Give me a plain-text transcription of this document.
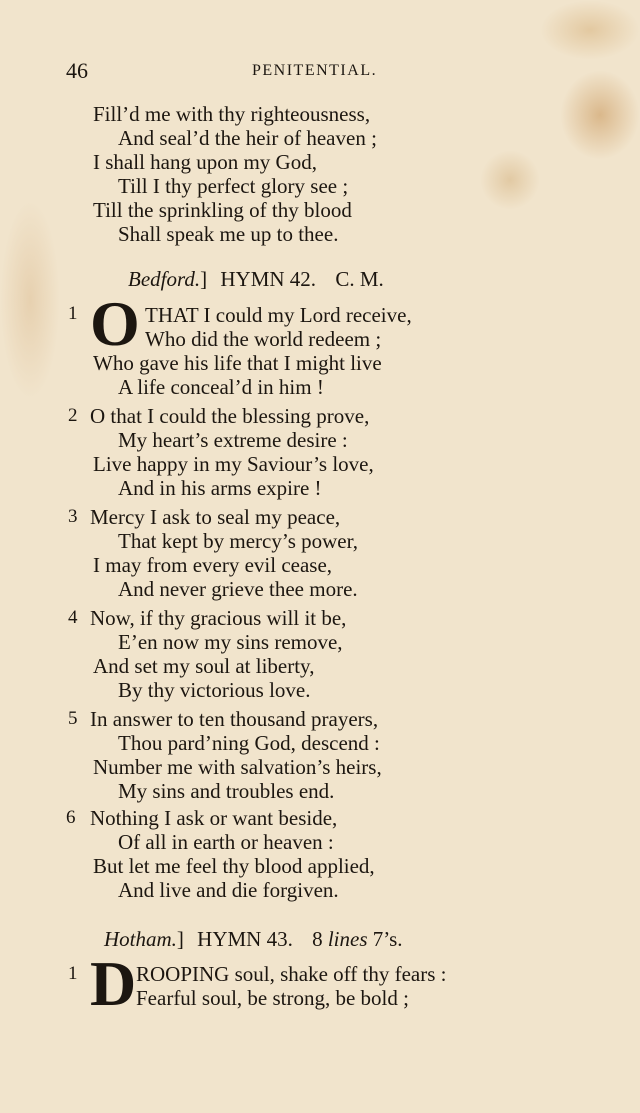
46	PENITENTIAL.
Fill’d me with thy righteousness,
And seal’d the heir of heaven ;
I shall hang upon my God,
Till I thy perfect glory see ;
Till the sprinkling of thy blood
Shall speak me up to thee.
Bedford.] HYMN 42. C. M.
1 O THAT I could my Lord receive,
Who did the world redeem ;
Who gave his life that I might live
A life conceal’d in him !
2 O that I could the blessing prove,
My heart’s extreme desire :
Live happy in my Saviour’s love,
And in his arms expire !
3 Mercy I ask to seal my peace,
That kept by mercy’s power,
I may from every evil cease,
And never grieve thee more.
4 Now, if thy gracious will it be,
E’en now my sins remove,
And set my soul at liberty,
By thy victorious love.
5 In answer to ten thousand prayers,
Thou pard’ning God, descend :
Number me with salvation’s heirs,
My sins and troubles end.
6 Nothing I ask or want beside,
Of all in earth or heaven :
But let me feel thy blood applied,
And live and die forgiven.
Hotham.] HYMN 43. 8 lines 7’s.
1 D ROOPING soul, shake off thy fears :
Fearful soul, be strong, be bold ;
